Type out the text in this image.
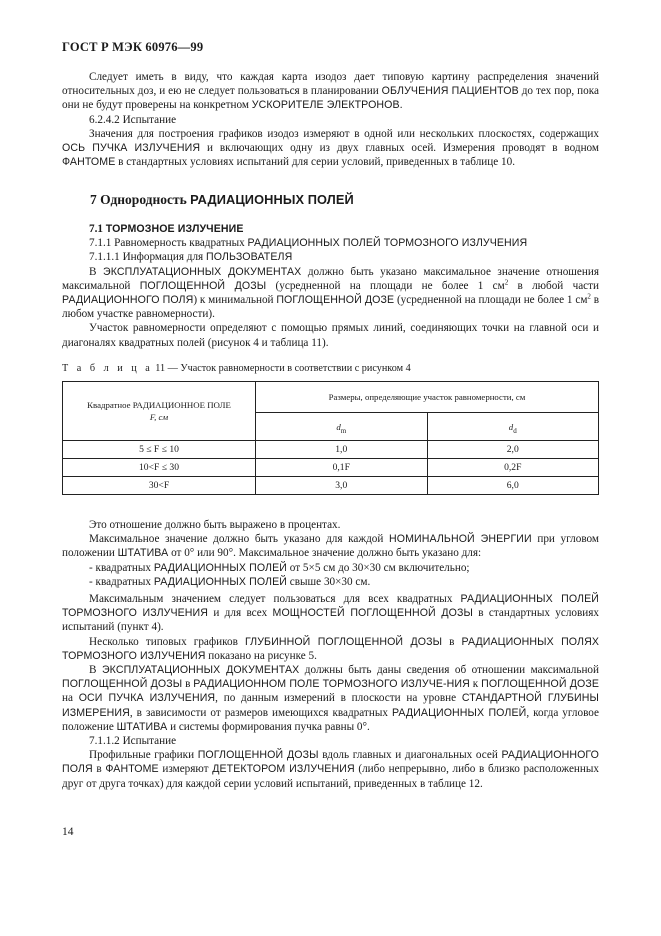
ГОСТ Р МЭК 60976—99

Следует иметь в виду, что каждая карта изодоз дает типовую картину распределения значений относительных доз, и ею не следует пользоваться в планировании ОБЛУЧЕНИЯ ПАЦИЕНТОВ до тех пор, пока они не будут проверены на конкретном УСКОРИТЕЛЕ ЭЛЕКТРОНОВ.

6.2.4.2 Испытание

Значения для построения графиков изодоз измеряют в одной или нескольких плоскостях, содержащих ОСЬ ПУЧКА ИЗЛУЧЕНИЯ и включающих одну из двух главных осей. Измерения проводят в водном ФАНТОМЕ в стандартных условиях испытаний для серии условий, приведенных в таблице 10.

7 Однородность РАДИАЦИОННЫХ ПОЛЕЙ

7.1 ТОРМОЗНОЕ ИЗЛУЧЕНИЕ

7.1.1 Равномерность квадратных РАДИАЦИОННЫХ ПОЛЕЙ ТОРМОЗНОГО ИЗЛУЧЕНИЯ

7.1.1.1 Информация для ПОЛЬЗОВАТЕЛЯ

В ЭКСПЛУАТАЦИОННЫХ ДОКУМЕНТАХ должно быть указано максимальное значение отношения максимальной ПОГЛОЩЕННОЙ ДОЗЫ (усредненной на площади не более 1 $см^2$ в любой части РАДИАЦИОННОГО ПОЛЯ) к минимальной ПОГЛОЩЕННОЙ ДОЗЕ (усредненной на площади не более 1 $см^2$ в любом участке равномерности).

Участок равномерности определяют с помощью прямых линий, соединяющих точки на главной оси и диагоналях квадратных полей (рисунок 4 и таблица 11).

Т а б л и ц а 11 — Участок равномерности в соответствии с рисунком 4
Квадратное РАДИАЦИОННОЕ ПОЛЕ
F, см	Размеры, определяющие участок равномерности, см	
	$d_m$	$d_d$
5 ≤ F ≤ 10	1,0	2,0
10<F ≤ 30	0,1F	0,2F
30<F	3,0	6,0

Это отношение должно быть выражено в процентах.

Максимальное значение должно быть указано для каждой НОМИНАЛЬНОЙ ЭНЕРГИИ при угловом положении ШТАТИВА от 0° или 90°. Максимальное значение должно быть указано для:

- квадратных РАДИАЦИОННЫХ ПОЛЕЙ от 5×5 см до 30×30 см включительно;

- квадратных РАДИАЦИОННЫХ ПОЛЕЙ свыше 30×30 см.

Максимальным значением следует пользоваться для всех квадратных РАДИАЦИОННЫХ ПОЛЕЙ ТОРМОЗНОГО ИЗЛУЧЕНИЯ и для всех МОЩНОСТЕЙ ПОГЛОЩЕННОЙ ДОЗЫ в стандартных условиях испытаний (пункт 4).

Несколько типовых графиков ГЛУБИННОЙ ПОГЛОЩЕННОЙ ДОЗЫ в РАДИАЦИОННЫХ ПОЛЯХ ТОРМОЗНОГО ИЗЛУЧЕНИЯ показано на рисунке 5.

В ЭКСПЛУАТАЦИОННЫХ ДОКУМЕНТАХ должны быть даны сведения об отношении максимальной ПОГЛОЩЕННОЙ ДОЗЫ в РАДИАЦИОННОМ ПОЛЕ ТОРМОЗНОГО ИЗЛУЧЕ-НИЯ к ПОГЛОЩЕННОЙ ДОЗЕ на ОСИ ПУЧКА ИЗЛУЧЕНИЯ, по данным измерений в плоскости на уровне СТАНДАРТНОЙ ГЛУБИНЫ ИЗМЕРЕНИЯ, в зависимости от размеров имеющихся квадратных РАДИАЦИОННЫХ ПОЛЕЙ, когда угловое положение ШТАТИВА и системы формирования пучка равны 0°.

7.1.1.2 Испытание

Профильные графики ПОГЛОЩЕННОЙ ДОЗЫ вдоль главных и диагональных осей РАДИАЦИОННОГО ПОЛЯ в ФАНТОМЕ измеряют ДЕТЕКТОРОМ ИЗЛУЧЕНИЯ (либо непрерывно, либо в близко расположенных друг от друга точках) для каждой серии условий испытаний, приведенных в таблице 12.

14
